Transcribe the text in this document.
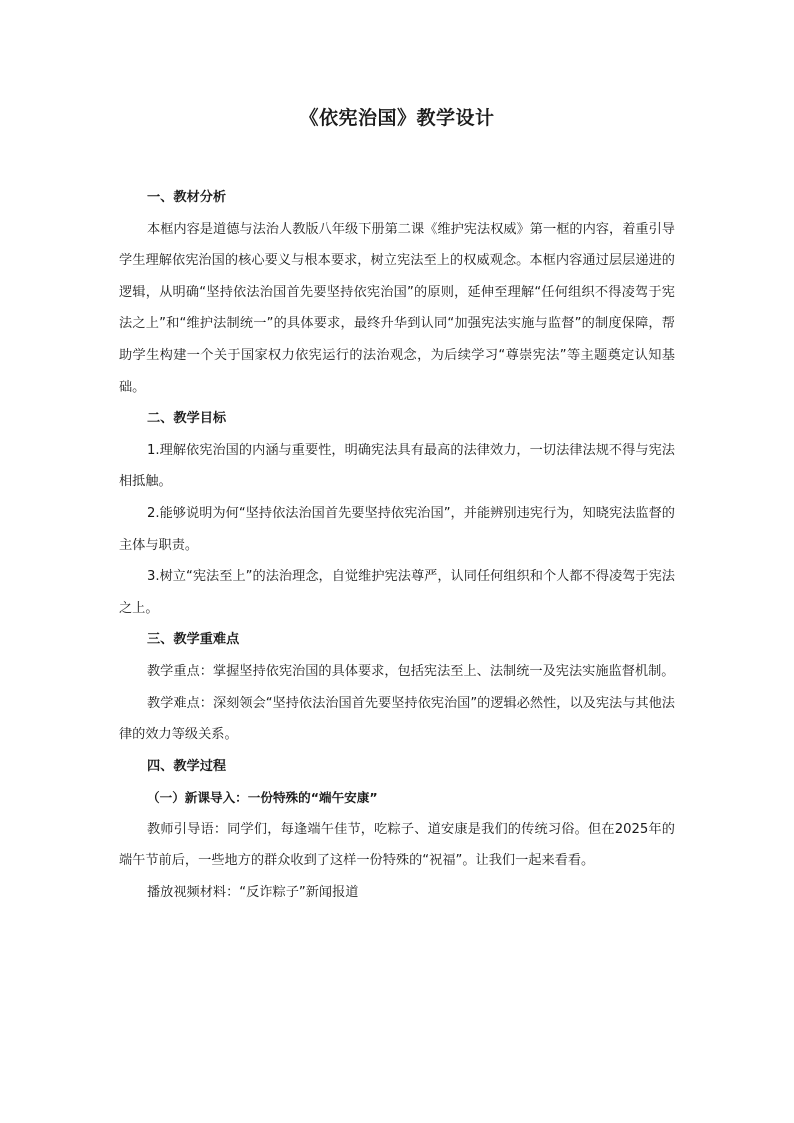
《依宪治国》教学设计

一、教材分析

本框内容是道德与法治人教版八年级下册第二课《维护宪法权威》第一框的内容，着重引导学生理解依宪治国的核心要义与根本要求，树立宪法至上的权威观念。本框内容通过层层递进的逻辑，从明确“坚持依法治国首先要坚持依宪治国”的原则，延伸至理解“任何组织不得凌驾于宪法之上”和“维护法制统一”的具体要求，最终升华到认同“加强宪法实施与监督”的制度保障，帮助学生构建一个关于国家权力依宪运行的法治观念，为后续学习“尊崇宪法”等主题奠定认知基础。

二、教学目标

1.理解依宪治国的内涵与重要性，明确宪法具有最高的法律效力，一切法律法规不得与宪法相抵触。

2.能够说明为何“坚持依法治国首先要坚持依宪治国”，并能辨别违宪行为，知晓宪法监督的主体与职责。

3.树立“宪法至上”的法治理念，自觉维护宪法尊严，认同任何组织和个人都不得凌驾于宪法之上。

三、教学重难点

教学重点：掌握坚持依宪治国的具体要求，包括宪法至上、法制统一及宪法实施监督机制。

教学难点：深刻领会“坚持依法治国首先要坚持依宪治国”的逻辑必然性，以及宪法与其他法律的效力等级关系。

四、教学过程

（一）新课导入：一份特殊的“端午安康”

教师引导语：同学们，每逢端午佳节，吃粽子、道安康是我们的传统习俗。但在2025年的端午节前后，一些地方的群众收到了这样一份特殊的“祝福”。让我们一起来看看。

播放视频材料：“反诈粽子”新闻报道
